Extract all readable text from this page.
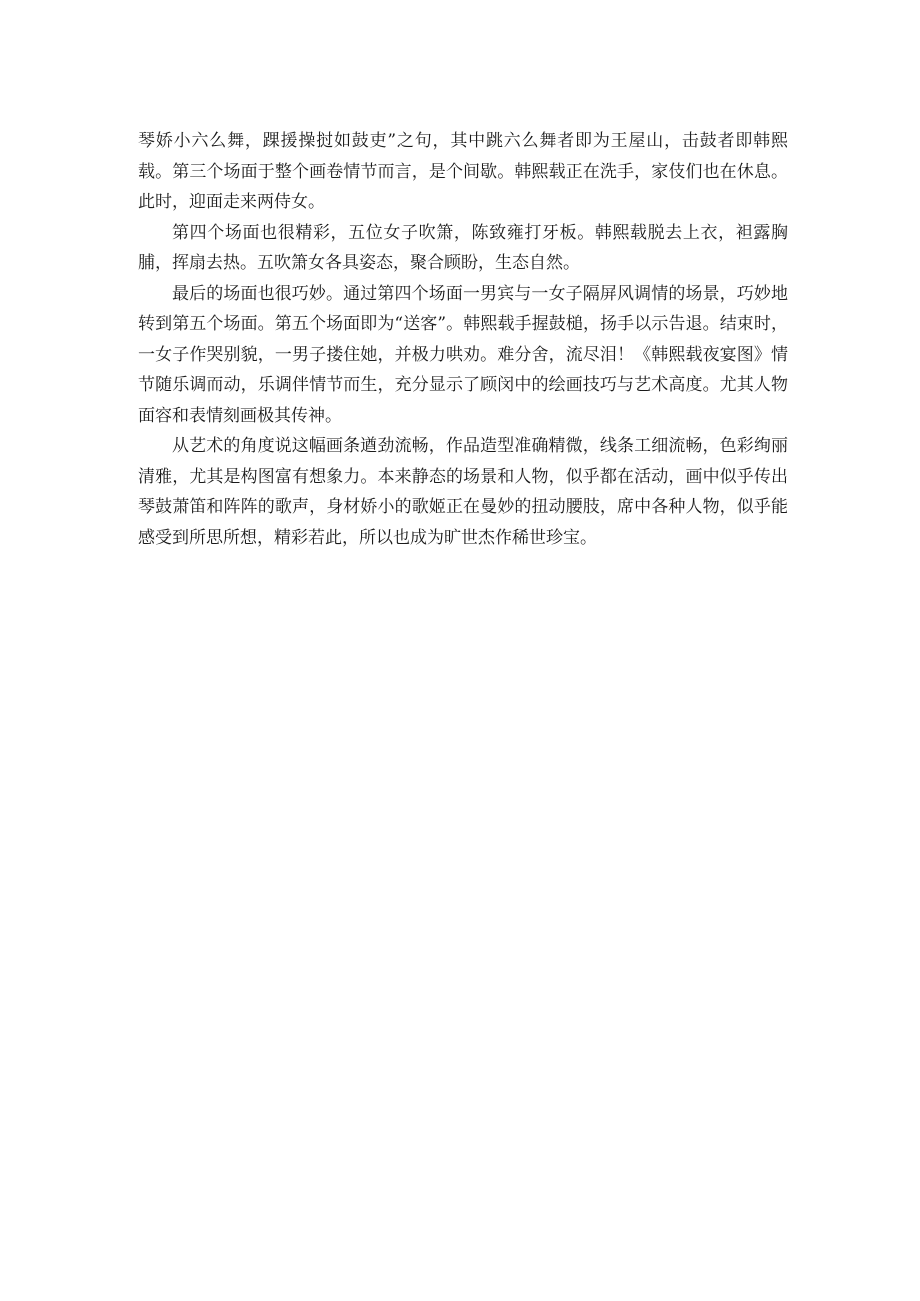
琴娇小六么舞，踝援操挝如鼓吏”之句，其中跳六么舞者即为王屋山，击鼓者即韩熙载。第三个场面于整个画卷情节而言，是个间歇。韩熙载正在洗手，家伎们也在休息。此时，迎面走来两侍女。

第四个场面也很精彩，五位女子吹箫，陈致雍打牙板。韩熙载脱去上衣，袒露胸脯，挥扇去热。五吹箫女各具姿态，聚合顾盼，生态自然。

最后的场面也很巧妙。通过第四个场面一男宾与一女子隔屏风调情的场景，巧妙地转到第五个场面。第五个场面即为“送客”。韩熙载手握鼓槌，扬手以示告退。结束时，一女子作哭别貌，一男子搂住她，并极力哄劝。难分舍，流尽泪！《韩熙载夜宴图》情节随乐调而动，乐调伴情节而生，充分显示了顾闵中的绘画技巧与艺术高度。尤其人物面容和表情刻画极其传神。

从艺术的角度说这幅画条遒劲流畅，作品造型准确精微，线条工细流畅，色彩绚丽清雅，尤其是构图富有想象力。本来静态的场景和人物，似乎都在活动，画中似乎传出琴鼓萧笛和阵阵的歌声，身材娇小的歌姬正在曼妙的扭动腰肢，席中各种人物，似乎能感受到所思所想，精彩若此，所以也成为旷世杰作稀世珍宝。
